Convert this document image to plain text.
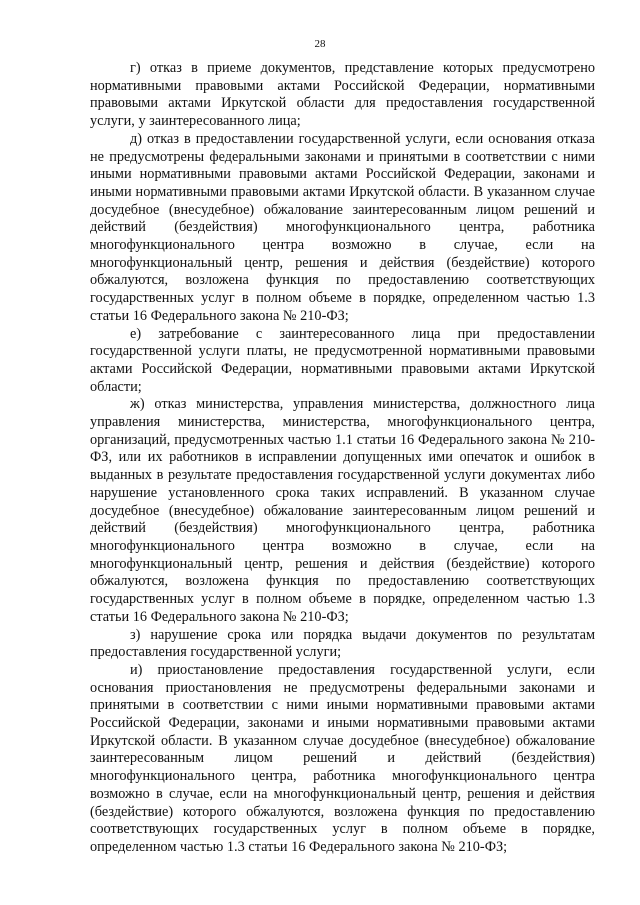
28

г) отказ в приеме документов, представление которых предусмотрено нормативными правовыми актами Российской Федерации, нормативными правовыми актами Иркутской области для предоставления государственной услуги, у заинтересованного лица;

д) отказ в предоставлении государственной услуги, если основания отказа не предусмотрены федеральными законами и принятыми в соответствии с ними иными нормативными правовыми актами Российской Федерации, законами и иными нормативными правовыми актами Иркутской области. В указанном случае досудебное (внесудебное) обжалование заинтересованным лицом решений и действий (бездействия) многофункционального центра, работника многофункционального центра возможно в случае, если на многофункциональный центр, решения и действия (бездействие) которого обжалуются, возложена функция по предоставлению соответствующих государственных услуг в полном объеме в порядке, определенном частью 1.3 статьи 16 Федерального закона № 210-ФЗ;

е) затребование с заинтересованного лица при предоставлении государственной услуги платы, не предусмотренной нормативными правовыми актами Российской Федерации, нормативными правовыми актами Иркутской области;

ж) отказ министерства, управления министерства, должностного лица управления министерства, министерства, многофункционального центра, организаций, предусмотренных частью 1.1 статьи 16 Федерального закона № 210-ФЗ, или их работников в исправлении допущенных ими опечаток и ошибок в выданных в результате предоставления государственной услуги документах либо нарушение установленного срока таких исправлений. В указанном случае досудебное (внесудебное) обжалование заинтересованным лицом решений и действий (бездействия) многофункционального центра, работника многофункционального центра возможно в случае, если на многофункциональный центр, решения и действия (бездействие) которого обжалуются, возложена функция по предоставлению соответствующих государственных услуг в полном объеме в порядке, определенном частью 1.3 статьи 16 Федерального закона № 210-ФЗ;

з) нарушение срока или порядка выдачи документов по результатам предоставления государственной услуги;

и) приостановление предоставления государственной услуги, если основания приостановления не предусмотрены федеральными законами и принятыми в соответствии с ними иными нормативными правовыми актами Российской Федерации, законами и иными нормативными правовыми актами Иркутской области. В указанном случае досудебное (внесудебное) обжалование заинтересованным лицом решений и действий (бездействия) многофункционального центра, работника многофункционального центра возможно в случае, если на многофункциональный центр, решения и действия (бездействие) которого обжалуются, возложена функция по предоставлению соответствующих государственных услуг в полном объеме в порядке, определенном частью 1.3 статьи 16 Федерального закона № 210-ФЗ;
